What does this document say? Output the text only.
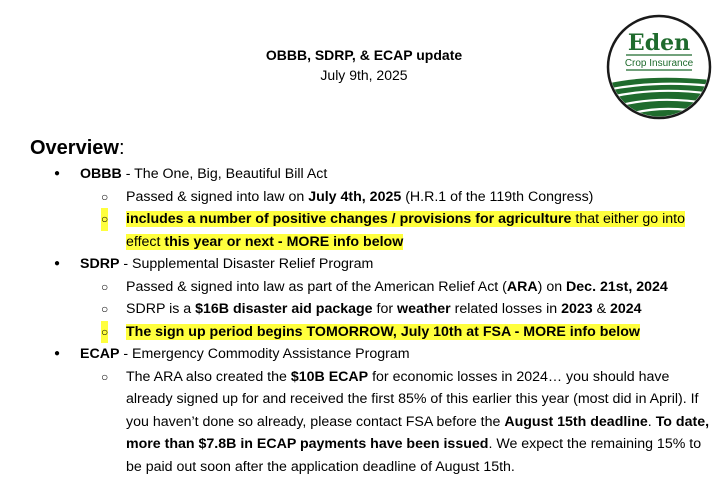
Eden
Crop Insurance
OBBB, SDRP, & ECAP update
July 9th, 2025
Overview:
● OBBB - The One, Big, Beautiful Bill Act
○ Passed & signed into law on July 4th, 2025 (H.R.1 of the 119th Congress)
○ includes a number of positive changes / provisions for agriculture that either go into effect this year or next - MORE info below
● SDRP - Supplemental Disaster Relief Program
○ Passed & signed into law as part of the American Relief Act (ARA) on Dec. 21st, 2024
○ SDRP is a $16B disaster aid package for weather related losses in 2023 & 2024
○ The sign up period begins TOMORROW, July 10th at FSA - MORE info below
● ECAP - Emergency Commodity Assistance Program
○ The ARA also created the $10B ECAP for economic losses in 2024… you should have already signed up for and received the first 85% of this earlier this year (most did in April). If you haven’t done so already, please contact FSA before the August 15th deadline. To date, more than $7.8B in ECAP payments have been issued. We expect the remaining 15% to be paid out soon after the application deadline of August 15th.
